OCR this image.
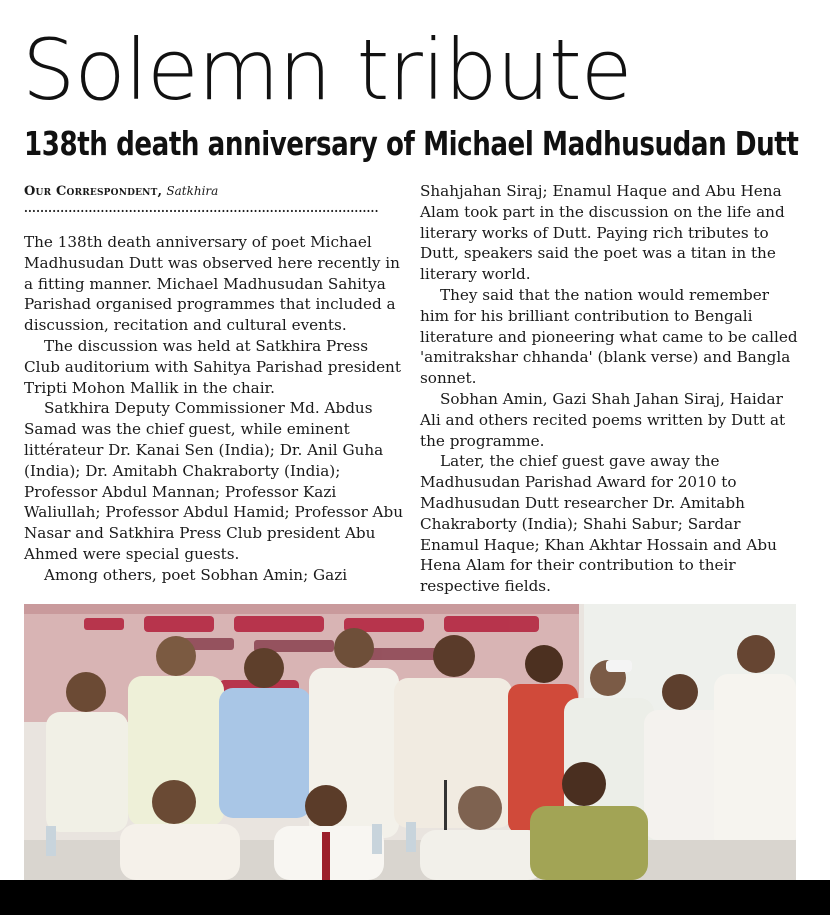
Solemn tribute
138th death anniversary of Michael Madhusudan Dutt
Our Correspondent, Satkhira
........................................................................................

The 138th death anniversary of poet Michael Madhusudan Dutt was observed here recently in a fitting manner. Michael Madhusudan Sahitya Parishad organised programmes that included a discussion, recitation and cultural events.

The discussion was held at Satkhira Press Club auditorium with Sahitya Parishad president Tripti Mohon Mallik in the chair.

Satkhira Deputy Commissioner Md. Abdus Samad was the chief guest, while eminent littérateur Dr. Kanai Sen (India); Dr. Anil Guha (India); Dr. Amitabh Chakraborty (India); Professor Abdul Mannan; Professor Kazi Waliullah; Professor Abdul Hamid; Professor Abu Nasar and Satkhira Press Club president Abu Ahmed were special guests.

Among others, poet Sobhan Amin; Gazi

Shahjahan Siraj; Enamul Haque and Abu Hena Alam took part in the discussion on the life and literary works of Dutt. Paying rich tributes to Dutt, speakers said the poet was a titan in the literary world.

They said that the nation would remember him for his brilliant contribution to Bengali literature and pioneering what came to be called 'amitrakshar chhanda' (blank verse) and Bangla sonnet.

Sobhan Amin, Gazi Shah Jahan Siraj, Haidar Ali and others recited poems written by Dutt at the programme.

Later, the chief guest gave away the Madhusudan Parishad Award for 2010 to Madhusudan Dutt researcher Dr. Amitabh Chakraborty (India); Shahi Sabur; Sardar Enamul Haque; Khan Akhtar Hossain and Abu Hena Alam for their contribution to their respective fields.
